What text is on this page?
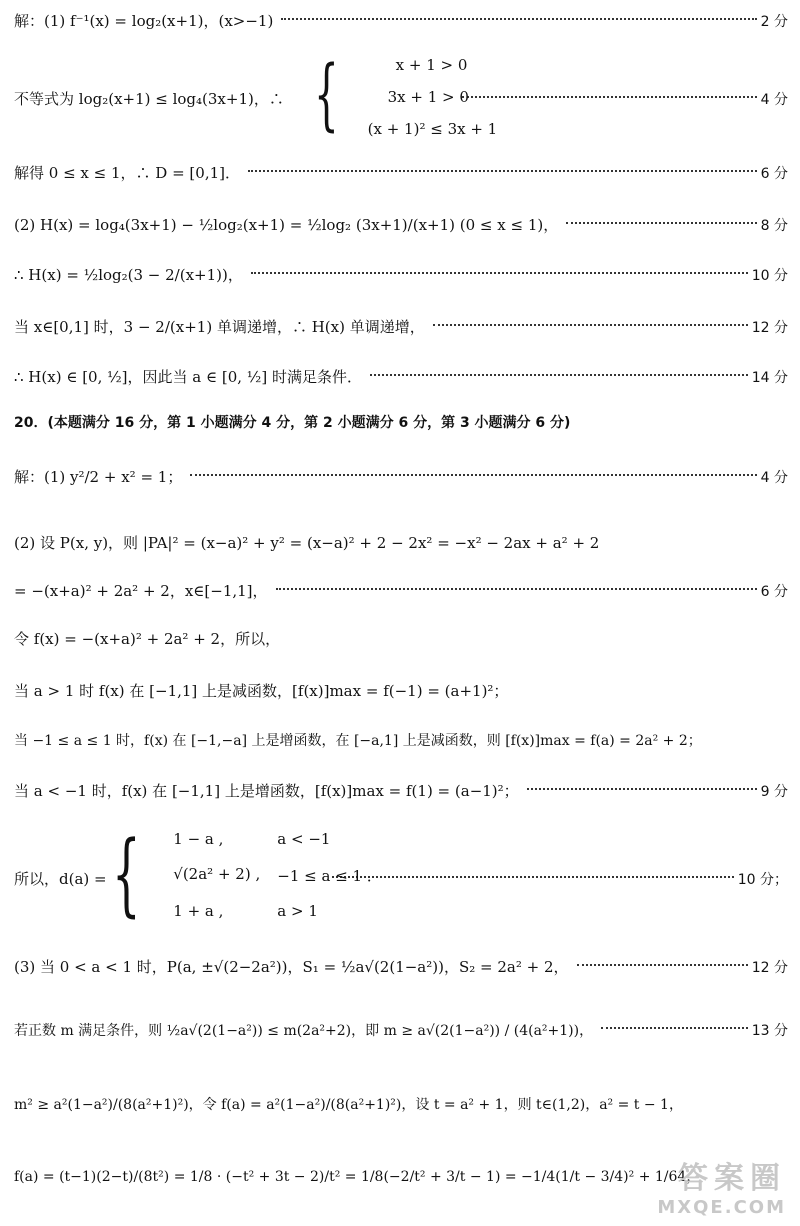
解：(1) f⁻¹(x) = log₂(x+1)，(x>−1)	2 分
不等式为 log₂(x+1) ≤ log₄(3x+1)，∴	4 分
{	x + 1 > 0
3x + 1 > 0
(x + 1)² ≤ 3x + 1
解得 0 ≤ x ≤ 1，∴ D = [0,1]．	6 分
(2) H(x) = log₄(3x+1) − ½log₂(x+1) = ½log₂ (3x+1)/(x+1) (0 ≤ x ≤ 1)，	8 分
∴ H(x) = ½log₂(3 − 2/(x+1))，	10 分
当 x∈[0,1] 时，3 − 2/(x+1) 单调递增，∴ H(x) 单调递增，	12 分
∴ H(x) ∈ [0, ½]，因此当 a ∈ [0, ½] 时满足条件．	14 分
20．(本题满分 16 分，第 1 小题满分 4 分，第 2 小题满分 6 分，第 3 小题满分 6 分)
解：(1) y²/2 + x² = 1；	4 分
(2) 设 P(x, y)，则 |PA|² = (x−a)² + y² = (x−a)² + 2 − 2x² = −x² − 2ax + a² + 2
= −(x+a)² + 2a² + 2，x∈[−1,1]，	6 分
令 f(x) = −(x+a)² + 2a² + 2，所以，
当 a > 1 时 f(x) 在 [−1,1] 上是减函数，[f(x)]max = f(−1) = (a+1)²；
当 −1 ≤ a ≤ 1 时，f(x) 在 [−1,−a] 上是增函数，在 [−a,1] 上是减函数，则 [f(x)]max = f(a) = 2a² + 2；
当 a < −1 时，f(x) 在 [−1,1] 上是增函数，[f(x)]max = f(1) = (a−1)²；	9 分
所以，d(a) =	10 分；
{ 1 − a ,	a < −1
√(2a² + 2) ,	−1 ≤ a ≤ 1 ．
1 + a ,	a > 1
(3) 当 0 < a < 1 时，P(a, ±√(2−2a²))，S₁ = ½a√(2(1−a²))，S₂ = 2a² + 2，	12 分
若正数 m 满足条件，则 ½a√(2(1−a²)) ≤ m(2a²+2)，即 m ≥ a√(2(1−a²)) / (4(a²+1))，	13 分
m² ≥ a²(1−a²)/(8(a²+1)²)，令 f(a) = a²(1−a²)/(8(a²+1)²)，设 t = a² + 1，则 t∈(1,2)，a² = t − 1，
f(a) = (t−1)(2−t)/(8t²) = 1/8 · (−t² + 3t − 2)/t² = 1/8(−2/t² + 3/t − 1) = −1/4(1/t − 3/4)² + 1/64，
答案圈
MXQE.COM
